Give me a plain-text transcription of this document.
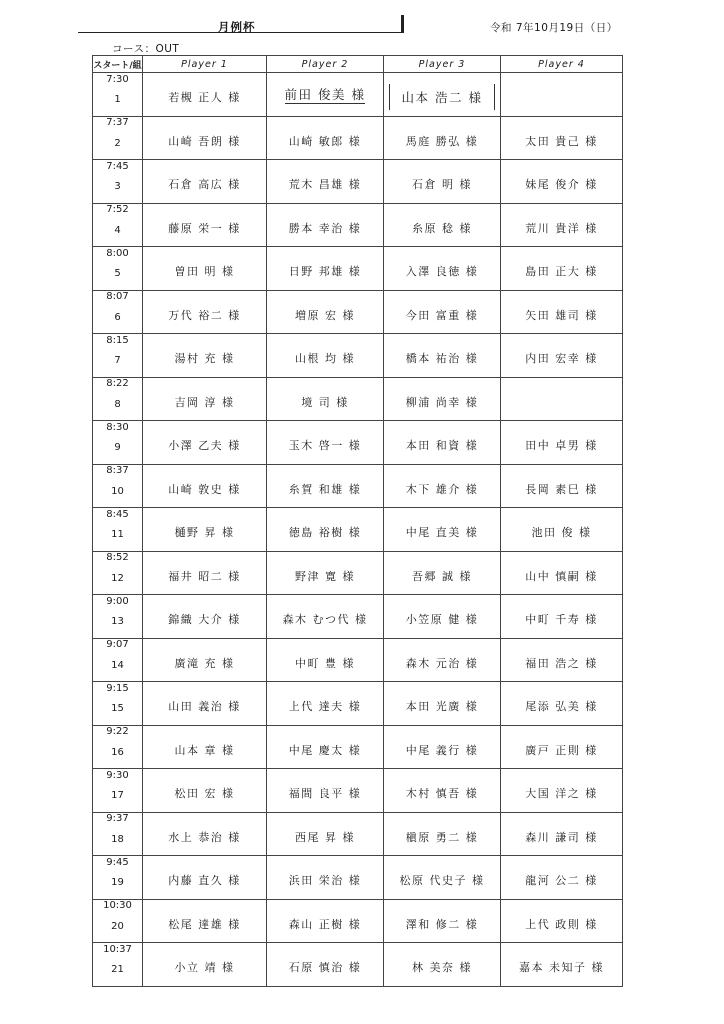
月例杯	令和 7年10月19日（日）
コース：OUT
スタート/組	Player 1	Player 2	Player 3	Player 4

7:30
1	若槻 正人 様	前田 俊美 様	山本 浩二 様	

7:37
2	山崎 吾朗 様	山崎 敏郎 様	馬庭 勝弘 様	太田 貴己 様

7:45
3	石倉 高広 様	荒木 昌雄 様	石倉 明 様	妹尾 俊介 様

7:52
4	藤原 栄一 様	勝本 幸治 様	糸原 稔 様	荒川 貴洋 様

8:00
5	曽田 明 様	日野 邦雄 様	入澤 良徳 様	島田 正大 様

8:07
6	万代 裕二 様	増原 宏 様	今田 富重 様	矢田 雄司 様

8:15
7	湯村 充 様	山根 均 様	橋本 祐治 様	内田 宏幸 様

8:22
8	吉岡 淳 様	境 司 様	柳浦 尚幸 様	

8:30
9	小澤 乙夫 様	玉木 啓一 様	本田 和資 様	田中 卓男 様

8:37
10	山崎 敦史 様	糸賀 和雄 様	木下 雄介 様	長岡 素巳 様

8:45
11	樋野 昇 様	徳島 裕樹 様	中尾 直美 様	池田 俊 様

8:52
12	福井 昭二 様	野津 寛 様	吾郷 誠 様	山中 慎嗣 様

9:00
13	錦織 大介 様	森木 むつ代 様	小笠原 健 様	中町 千寿 様

9:07
14	廣滝 充 様	中町 豊 様	森木 元治 様	福田 浩之 様

9:15
15	山田 義治 様	上代 達夫 様	本田 光廣 様	尾添 弘美 様

9:22
16	山本 章 様	中尾 慶太 様	中尾 義行 様	廣戸 正則 様

9:30
17	松田 宏 様	福間 良平 様	木村 慎吾 様	大国 洋之 様

9:37
18	水上 恭治 様	西尾 昇 様	槇原 勇二 様	森川 謙司 様

9:45
19	内藤 直久 様	浜田 栄治 様	松原 代史子 様	龍河 公二 様

10:30
20	松尾 達雄 様	森山 正樹 様	澤和 修二 様	上代 政則 様

10:37
21	小立 靖 様	石原 慎治 様	林 美奈 様	嘉本 未知子 様
